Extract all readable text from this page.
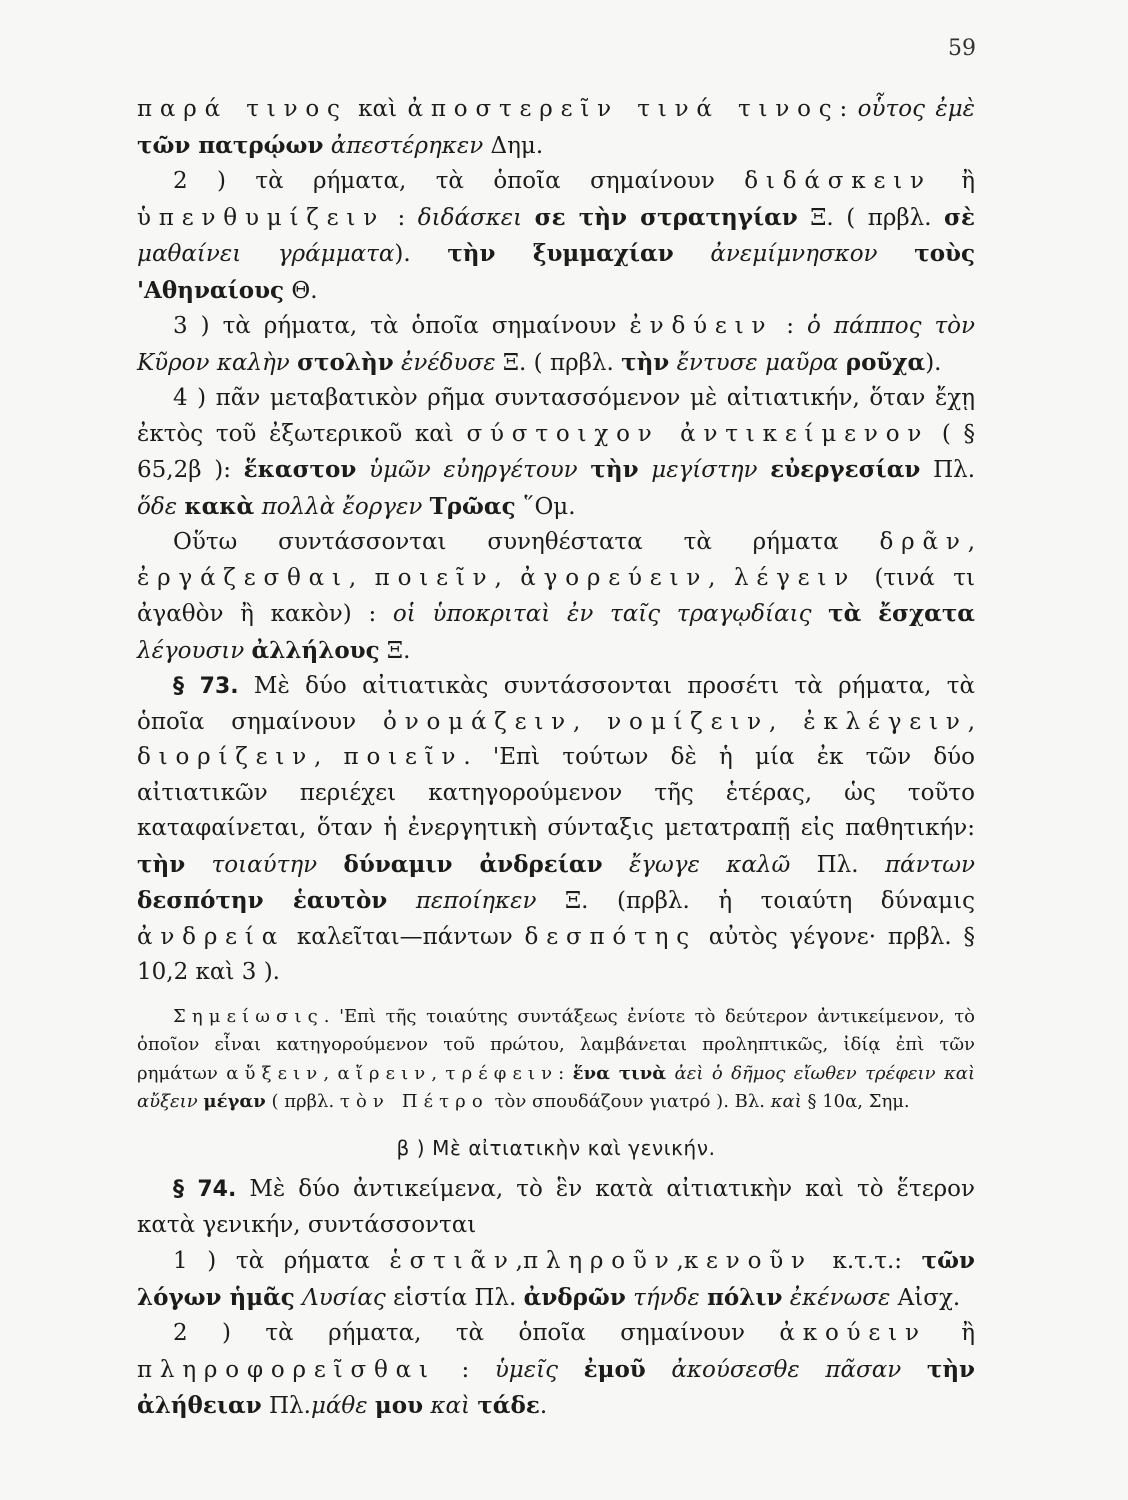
59

παρά τινος καὶ ἀποστερεῖν τινά τινος: οὗτος ἐμὲ τῶν πατρῴων ἀπεστέρηκεν Δημ.

2 ) τὰ ρήματα, τὰ ὁποῖα σημαίνουν διδάσκειν ἢ ὑπενθυμίζειν : διδάσκει σε τὴν στρατηγίαν Ξ. ( πρβλ. σὲ μαθαίνει γράμματα). τὴν ξυμμαχίαν ἀνεμίμνησκον τοὺς 'Αθηναίους Θ.

3 ) τὰ ρήματα, τὰ ὁποῖα σημαίνουν ἐνδύειν : ὁ πάππος τὸν Κῦρον καλὴν στολὴν ἐνέδυσε Ξ. ( πρβλ. τὴν ἔντυσε μαῦρα ροῦχα).

4 ) πᾶν μεταβατικὸν ρῆμα συντασσόμενον μὲ αἰτιατικήν, ὅταν ἔχῃ ἐκτὸς τοῦ ἐξωτερικοῦ καὶ σύστοιχον ἀντικείμενον ( § 65,2β ): ἕκαστον ὑμῶν εὐηργέτουν τὴν μεγίστην εὐεργεσίαν Πλ. ὅδε κακὰ πολλὰ ἔοργεν Τρῶας ῞Ομ.

Οὕτω συντάσσονται συνηθέστατα τὰ ρήματα δρᾶν, ἐργάζεσθαι, ποιεῖν, ἀγορεύειν, λέγειν (τινά τι ἀγαθὸν ἢ κακὸν) : οἱ ὑποκριταὶ ἐν ταῖς τραγῳδίαις τὰ ἔσχατα λέγουσιν ἀλλήλους Ξ.

§ 73. Μὲ δύο αἰτιατικὰς συντάσσονται προσέτι τὰ ρήματα, τὰ ὁποῖα σημαίνουν ὀνομάζειν, νομίζειν, ἐκλέγειν, διορίζειν, ποιεῖν. 'Επὶ τούτων δὲ ἡ μία ἐκ τῶν δύο αἰτιατικῶν περιέχει κατηγορούμενον τῆς ἑτέρας, ὡς τοῦτο καταφαίνεται, ὅταν ἡ ἐνεργητικὴ σύνταξις μετατραπῇ εἰς παθητικήν: τὴν τοιαύτην δύναμιν ἀνδρείαν ἔγωγε καλῶ Πλ. πάντων δεσπότην ἑαυτὸν πεποίηκεν Ξ. (πρβλ. ἡ τοιαύτη δύναμις ἀνδρεία καλεῖται—πάντων δεσπότης αὐτὸς γέγονε· πρβλ. § 10,2 καὶ 3 ).

Σημείωσις. 'Επὶ τῆς τοιαύτης συντάξεως ἐνίοτε τὸ δεύτερον ἀντικείμενον, τὸ ὁποῖον εἶναι κατηγορούμενον τοῦ πρώτου, λαμβάνεται προληπτικῶς, ἰδίᾳ ἐπὶ τῶν ρημάτων αὔξειν, αἴρειν, τρέφειν: ἕνα τινὰ ἀεὶ ὁ δῆμος εἴωθεν τρέφειν καὶ αὔξειν μέγαν ( πρβλ. τὸν Πέτρο τὸν σπουδάζουν γιατρό ). Βλ. καὶ § 10α, Σημ.

β ) Μὲ αἰτιατικὴν καὶ γενικήν.

§ 74. Μὲ δύο ἀντικείμενα, τὸ ἓν κατὰ αἰτιατικὴν καὶ τὸ ἕτερον κατὰ γενικήν, συντάσσονται

1 ) τὰ ρήματα ἑστιᾶν,πληροῦν,κενοῦν κ.τ.τ.: τῶν λόγων ἡμᾶς Λυσίας εἱστία Πλ. ἀνδρῶν τήνδε πόλιν ἐκένωσε Αἰσχ.

2 ) τὰ ρήματα, τὰ ὁποῖα σημαίνουν ἀκούειν ἢ πληροφορεῖσθαι : ὑμεῖς ἐμοῦ ἀκούσεσθε πᾶσαν τὴν ἀλήθειαν Πλ.μάθε μου καὶ τάδε.
